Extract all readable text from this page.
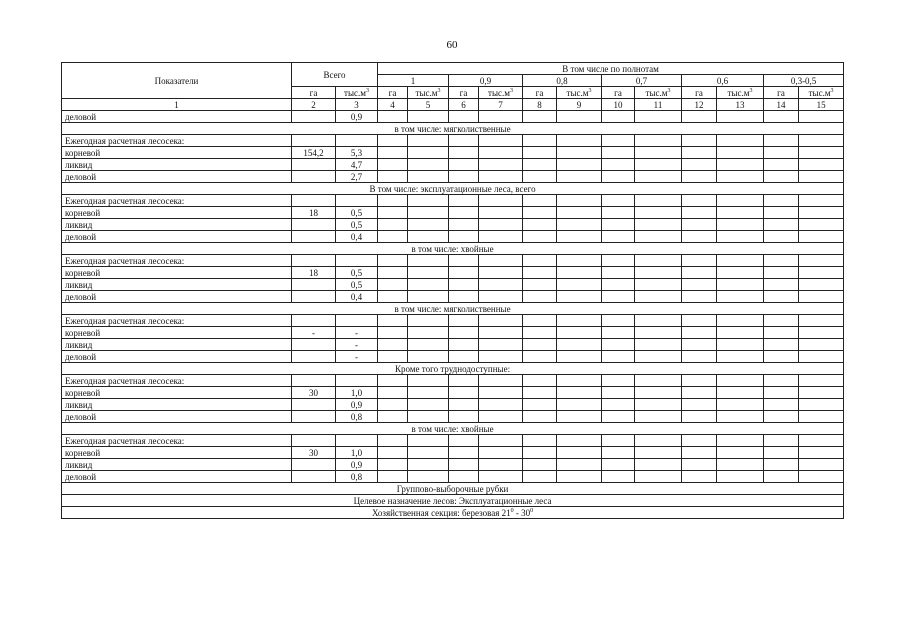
60
Показатели	Всего		В том числе по полнотам											
			1		0,9		0,8		0,7		0,6		0,3-0,5	
	га	$тыс.м^3$	га	$тыс.м^3$	га	$тыс.м^3$	га	$тыс.м^3$	га	$тыс.м^3$	га	$тыс.м^3$	га	$тыс.м^3$
1	2	3	4	5	6	7	8	9	10	11	12	13	14	15
деловой		0,9												
в том числе: мягколиственные														
Ежегодная расчетная лесосека:														
корневой	154,2	5,3												
ликвид		4,7												
деловой		2,7												
В том числе: эксплуатационные леса, всего														
Ежегодная расчетная лесосека:														
корневой	18	0,5												
ликвид		0,5												
деловой		0,4												
в том числе: хвойные														
Ежегодная расчетная лесосека:														
корневой	18	0,5												
ликвид		0,5												
деловой		0,4												
в том числе: мягколиственные														
Ежегодная расчетная лесосека:														
корневой	-	-												
ликвид		-												
деловой		-												
Кроме того труднодоступные:														
Ежегодная расчетная лесосека:														
корневой	30	1,0												
ликвид		0,9												
деловой		0,8												
в том числе: хвойные														
Ежегодная расчетная лесосека:														
корневой	30	1,0												
ликвид		0,9												
деловой		0,8												
Группово-выборочные рубки														
Целевое назначение лесов: Эксплуатационные леса														
Хозяйственная секция: березовая $21^0 - 30^0$
